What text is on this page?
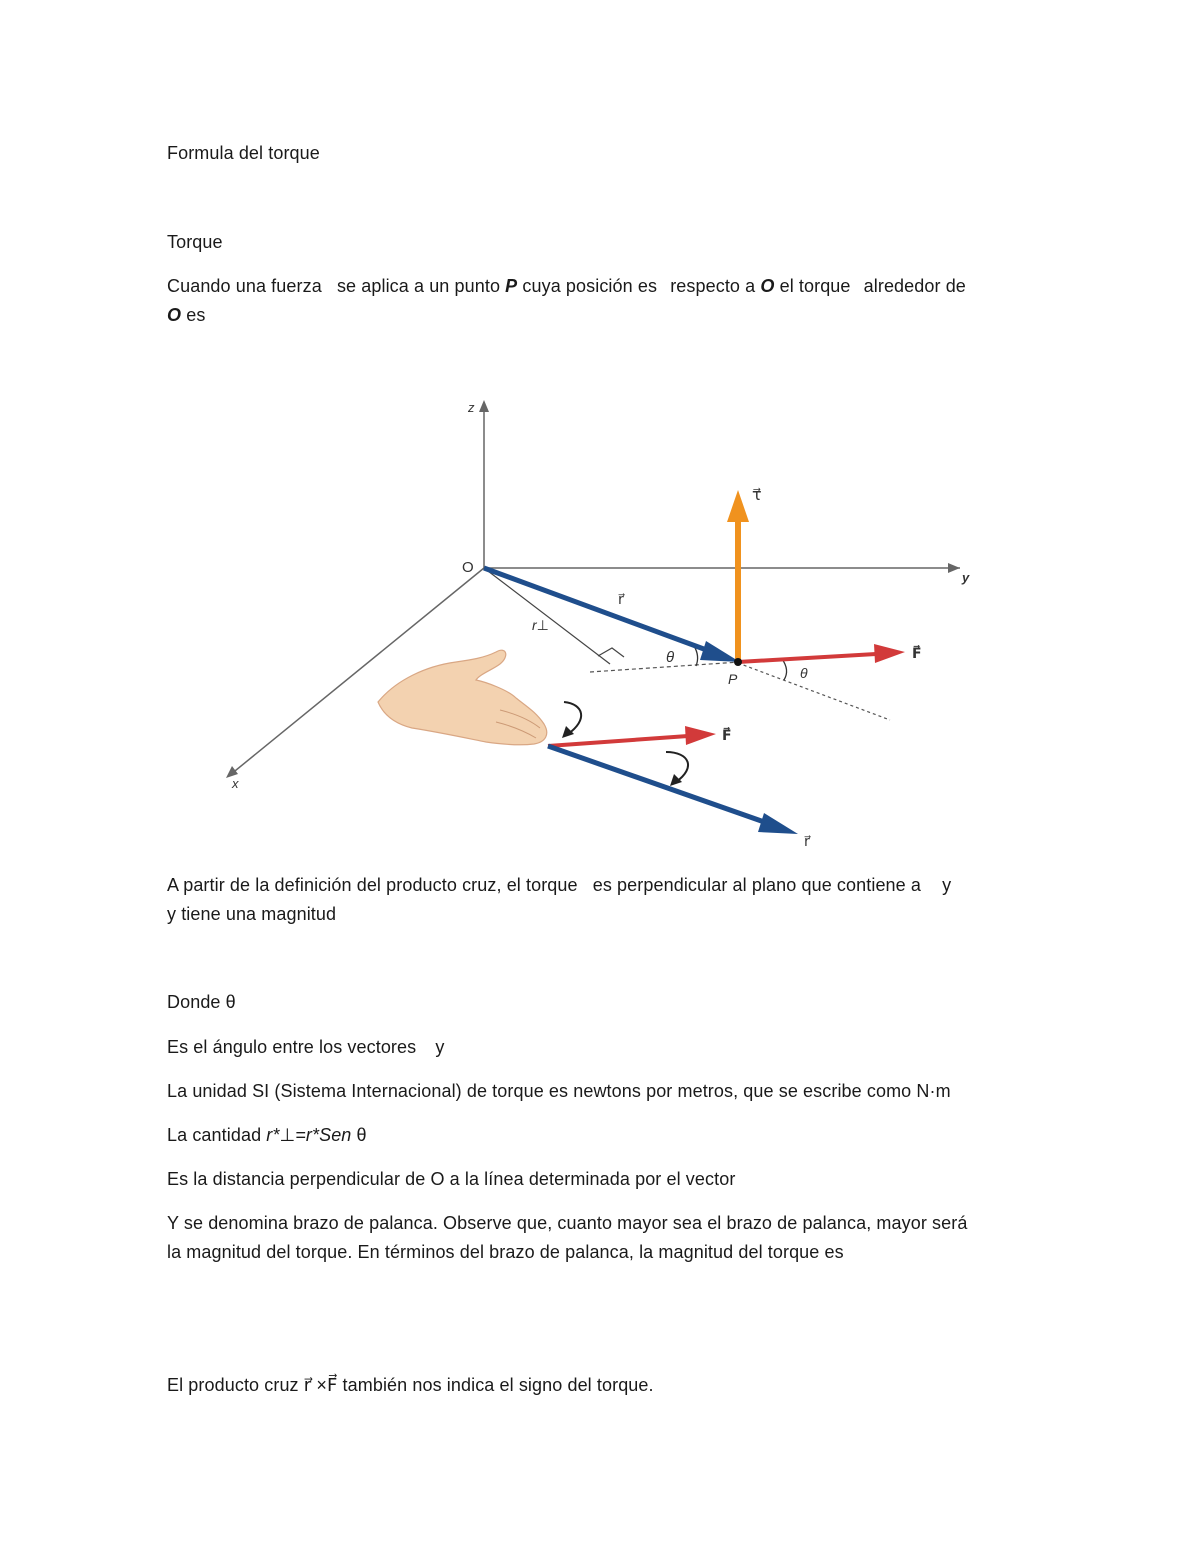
Formula del torque
Torque
Cuando una fuerza se aplica a un punto P cuya posición es respecto a O el torque alrededor de
O es
z
y
x
O
r⊥
θ
θ
r⃗
τ⃗
F⃗
P
F⃗
r⃗
A partir de la definición del producto cruz, el torque es perpendicular al plano que contiene a y
y tiene una magnitud
Donde θ
Es el ángulo entre los vectores y
La unidad SI (Sistema Internacional) de torque es newtons por metros, que se escribe como N·m
La cantidad r*⊥=r*Sen θ
Es la distancia perpendicular de O a la línea determinada por el vector
Y se denomina brazo de palanca. Observe que, cuanto mayor sea el brazo de palanca, mayor será
la magnitud del torque. En términos del brazo de palanca, la magnitud del torque es
El producto cruz r⃗ ×F⃗ también nos indica el signo del torque.
